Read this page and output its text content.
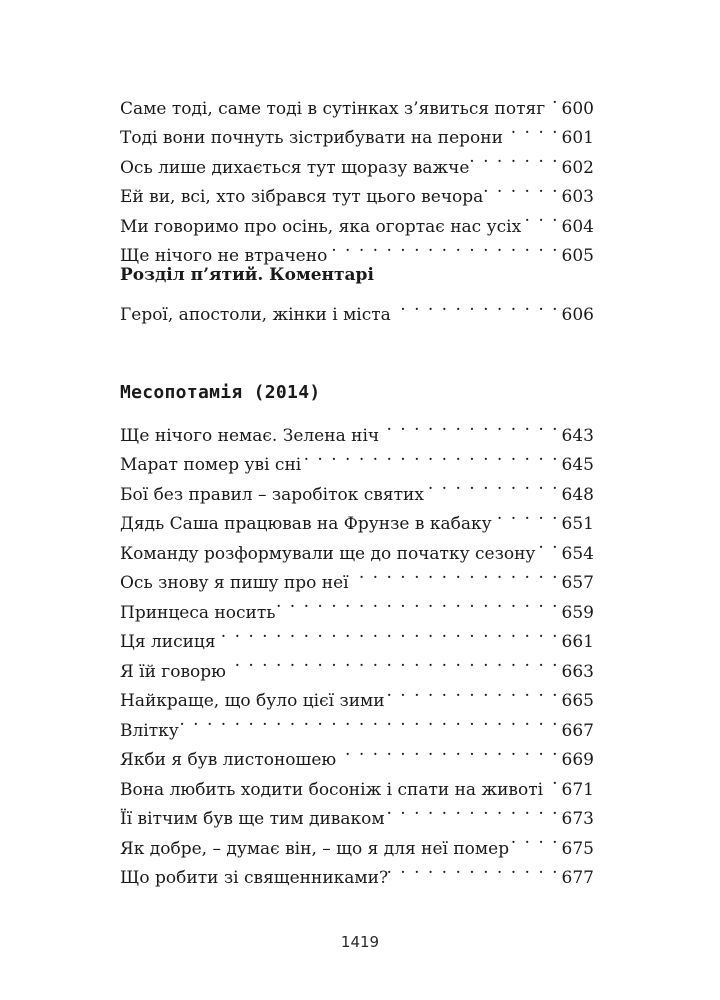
Саме тоді, саме тоді в сутінках з’явиться потяг . . . 600
Тоді вони почнуть зістрибувати на перони . . .	601
Ось лише дихається тут щоразу важче . . .	602
Ей ви, всі, хто зібрався тут цього вечора . . .	603
Ми говоримо про осінь, яка огортає нас усіх . . . 604
Ще нічого не втрачено . . .	605
Розділ п’ятий. Коментарі
Герої, апостоли, жінки і міста . . .	606
Месопотамія (2014)
Ще нічого немає. Зелена ніч . . .	643
Марат помер уві сні . . .	645
Бої без правил – заробіток святих . . .	648
Дядь Саша працював на Фрунзе в кабаку . . .	651
Команду розформували ще до початку сезону . . . 654
Ось знову я пишу про неї . . .	657
Принцеса носить . . .	659
Ця лисиця . . .	661
Я їй говорю . . .	663
Найкраще, що було цієї зими . . .	665
Влітку . . .	667
Якби я був листоношею . . .	669
Вона любить ходити босоніж і спати на животі . . . 671
Її вітчим був ще тим диваком . . .	673
Як добре, – думає він, – що я для неї помер . . .	675
Що робити зі священниками? . . .	677
1419
